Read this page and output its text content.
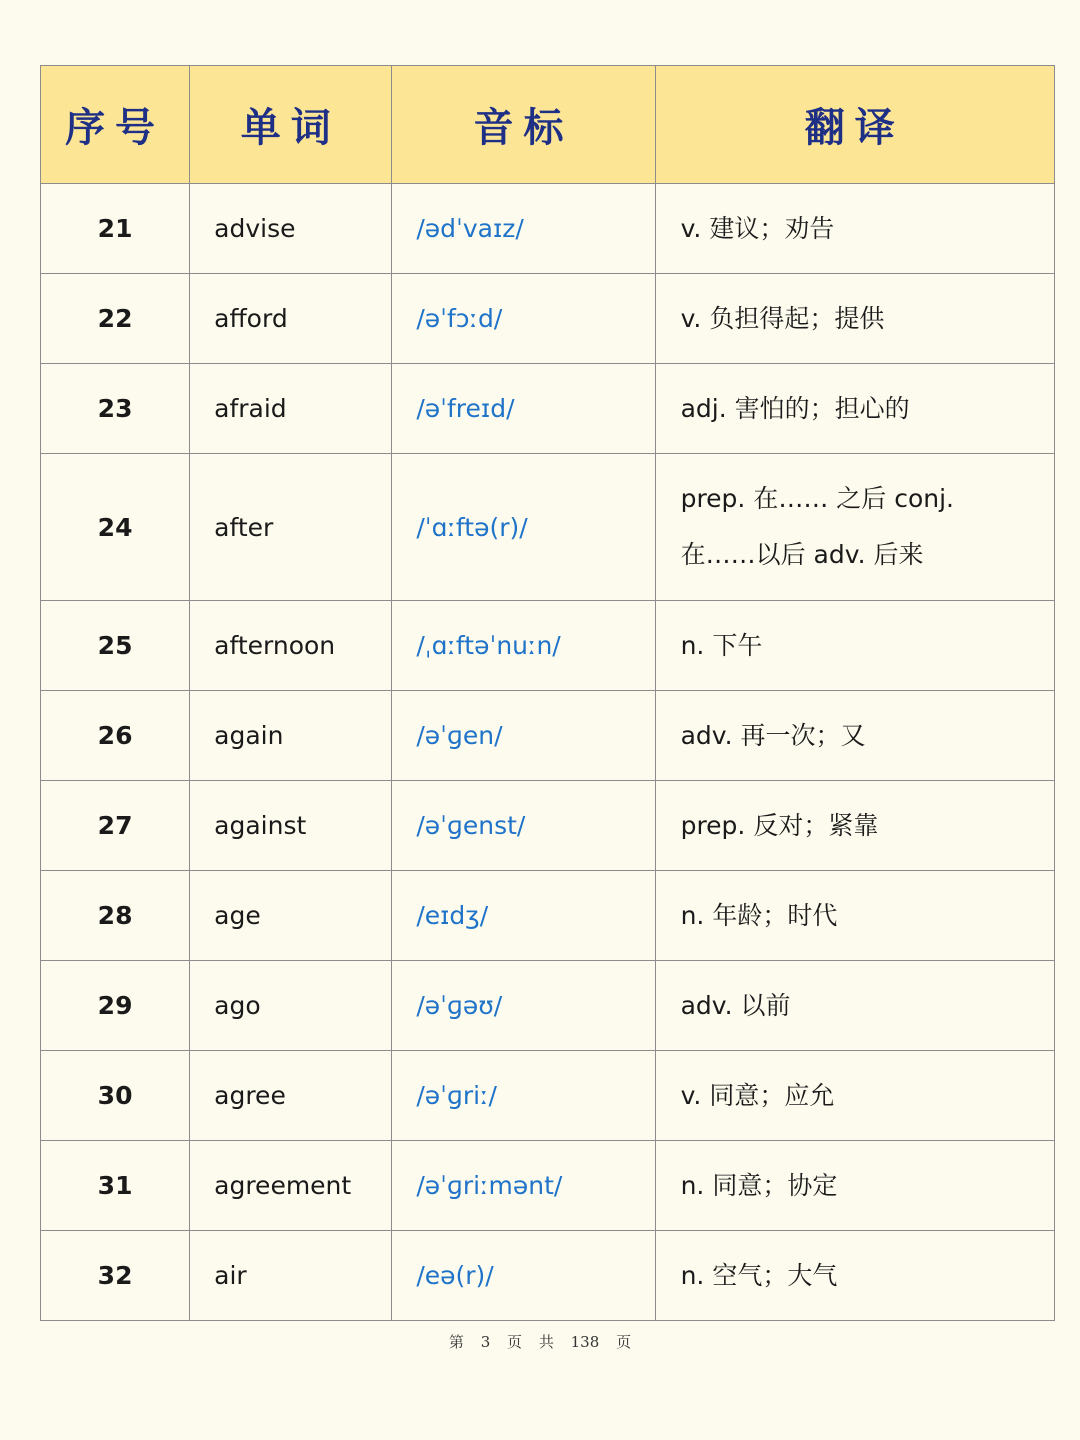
序号	单词	音标	翻译
21	advise	/ədˈvaɪz/	v. 建议；劝告
22	afford	/əˈfɔːd/	v. 负担得起；提供
23	afraid	/əˈfreɪd/	adj. 害怕的；担心的
24	after	/ˈɑːftə(r)/	prep. 在…… 之后 conj. 在……以后 adv. 后来
25	afternoon	/ˌɑːftəˈnuːn/	n. 下午
26	again	/əˈɡen/	adv. 再一次；又
27	against	/əˈɡenst/	prep. 反对；紧靠
28	age	/eɪdʒ/	n. 年龄；时代
29	ago	/əˈɡəʊ/	adv. 以前
30	agree	/əˈɡriː/	v. 同意；应允
31	agreement	/əˈɡriːmənt/	n. 同意；协定
32	air	/eə(r)/	n. 空气；大气
第 3 页 共 138 页
